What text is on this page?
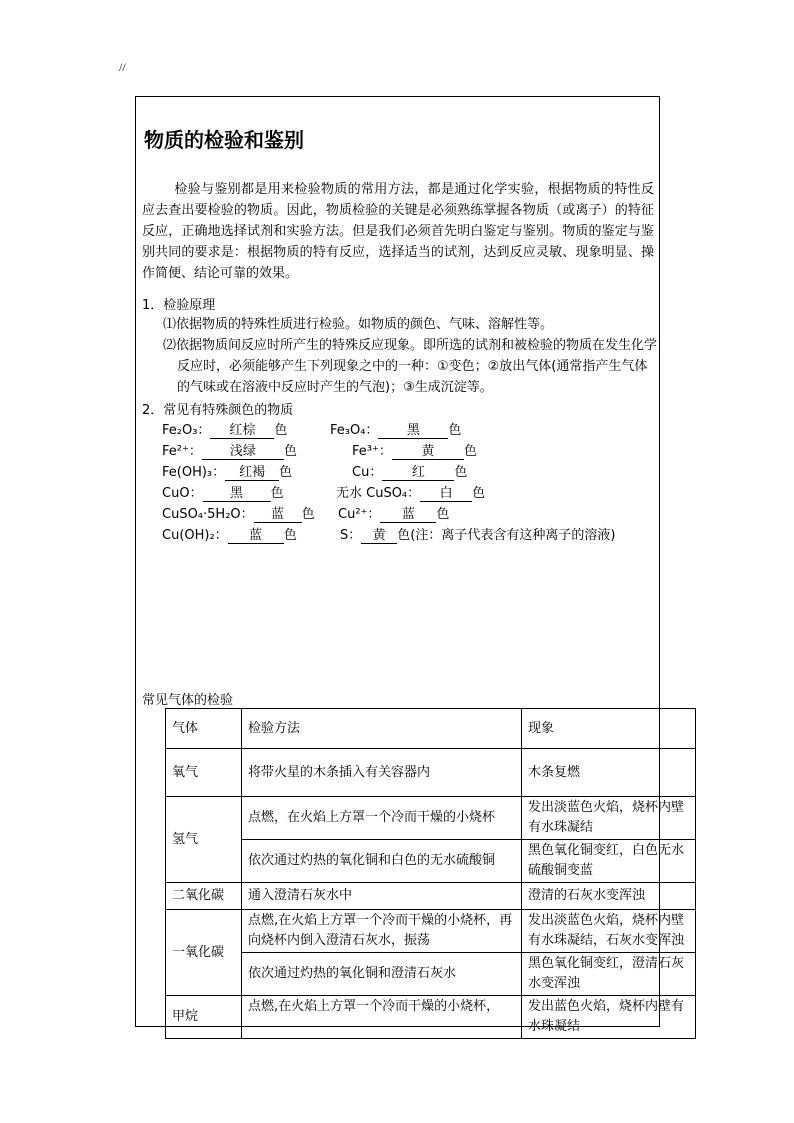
//
物质的检验和鉴别

检验与鉴别都是用来检验物质的常用方法，都是通过化学实验，根据物质的特性反应去查出要检验的物质。因此，物质检验的关键是必须熟练掌握各物质（或离子）的特征反应，正确地选择试剂和实验方法。但是我们必须首先明白鉴定与鉴别。物质的鉴定与鉴别共同的要求是：根据物质的特有反应，选择适当的试剂，达到反应灵敏、现象明显、操作简便、结论可靠的效果。

1．检验原理

⑴依据物质的特殊性质进行检验。如物质的颜色、气味、溶解性等。

⑵依据物质间反应时所产生的特殊反应现象。即所选的试剂和被检验的物质在发生化学反应时，必须能够产生下列现象之中的一种：①变色；②放出气体(通常指产生气体的气味或在溶液中反应时产生的气泡)；③生成沉淀等。

2．常见有特殊颜色的物质
Fe₂O₃： 红棕 色	Fe₃O₄： 黑 色
Fe²⁺： 浅绿 色	Fe³⁺： 黄 色
Fe(OH)₃： 红褐 色	Cu： 红 色
CuO： 黑 色	无水 CuSO₄： 白 色
CuSO₄·5H₂O： 蓝 色 Cu²⁺： 蓝 色
Cu(OH)₂： 蓝 色	S： 黄 色(注：离子代表含有这种离子的溶液)
常见气体的检验
气体	检验方法	现象
氧气	将带火星的木条插入有关容器内	木条复燃
氢气	点燃，在火焰上方罩一个冷而干燥的小烧杯	发出淡蓝色火焰，烧杯内壁有水珠凝结
	依次通过灼热的氧化铜和白色的无水硫酸铜	黑色氧化铜变红，白色无水硫酸铜变蓝
二氧化碳	通入澄清石灰水中	澄清的石灰水变浑浊
一氧化碳	点燃,在火焰上方罩一个冷而干燥的小烧杯，再向烧杯内倒入澄清石灰水，振荡	发出淡蓝色火焰，烧杯内壁有水珠凝结，石灰水变浑浊
	依次通过灼热的氧化铜和澄清石灰水	黑色氧化铜变红，澄清石灰水变浑浊
甲烷	点燃,在火焰上方罩一个冷而干燥的小烧杯，	发出蓝色火焰，烧杯内壁有水珠凝结
